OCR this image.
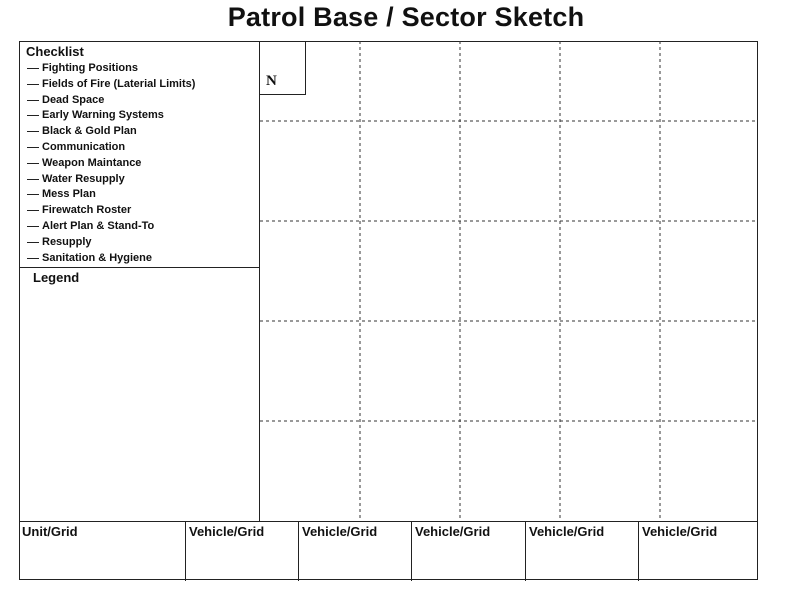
Patrol Base / Sector Sketch
Checklist
Fighting Positions
Fields of Fire (Laterial Limits)
Dead Space
Early Warning Systems
Black & Gold Plan
Communication
Weapon Maintance
Water Resupply
Mess Plan
Firewatch Roster
Alert Plan & Stand-To
Resupply
Sanitation & Hygiene
Legend
N
Unit/Grid	Vehicle/Grid	Vehicle/Grid	Vehicle/Grid	Vehicle/Grid	Vehicle/Grid
